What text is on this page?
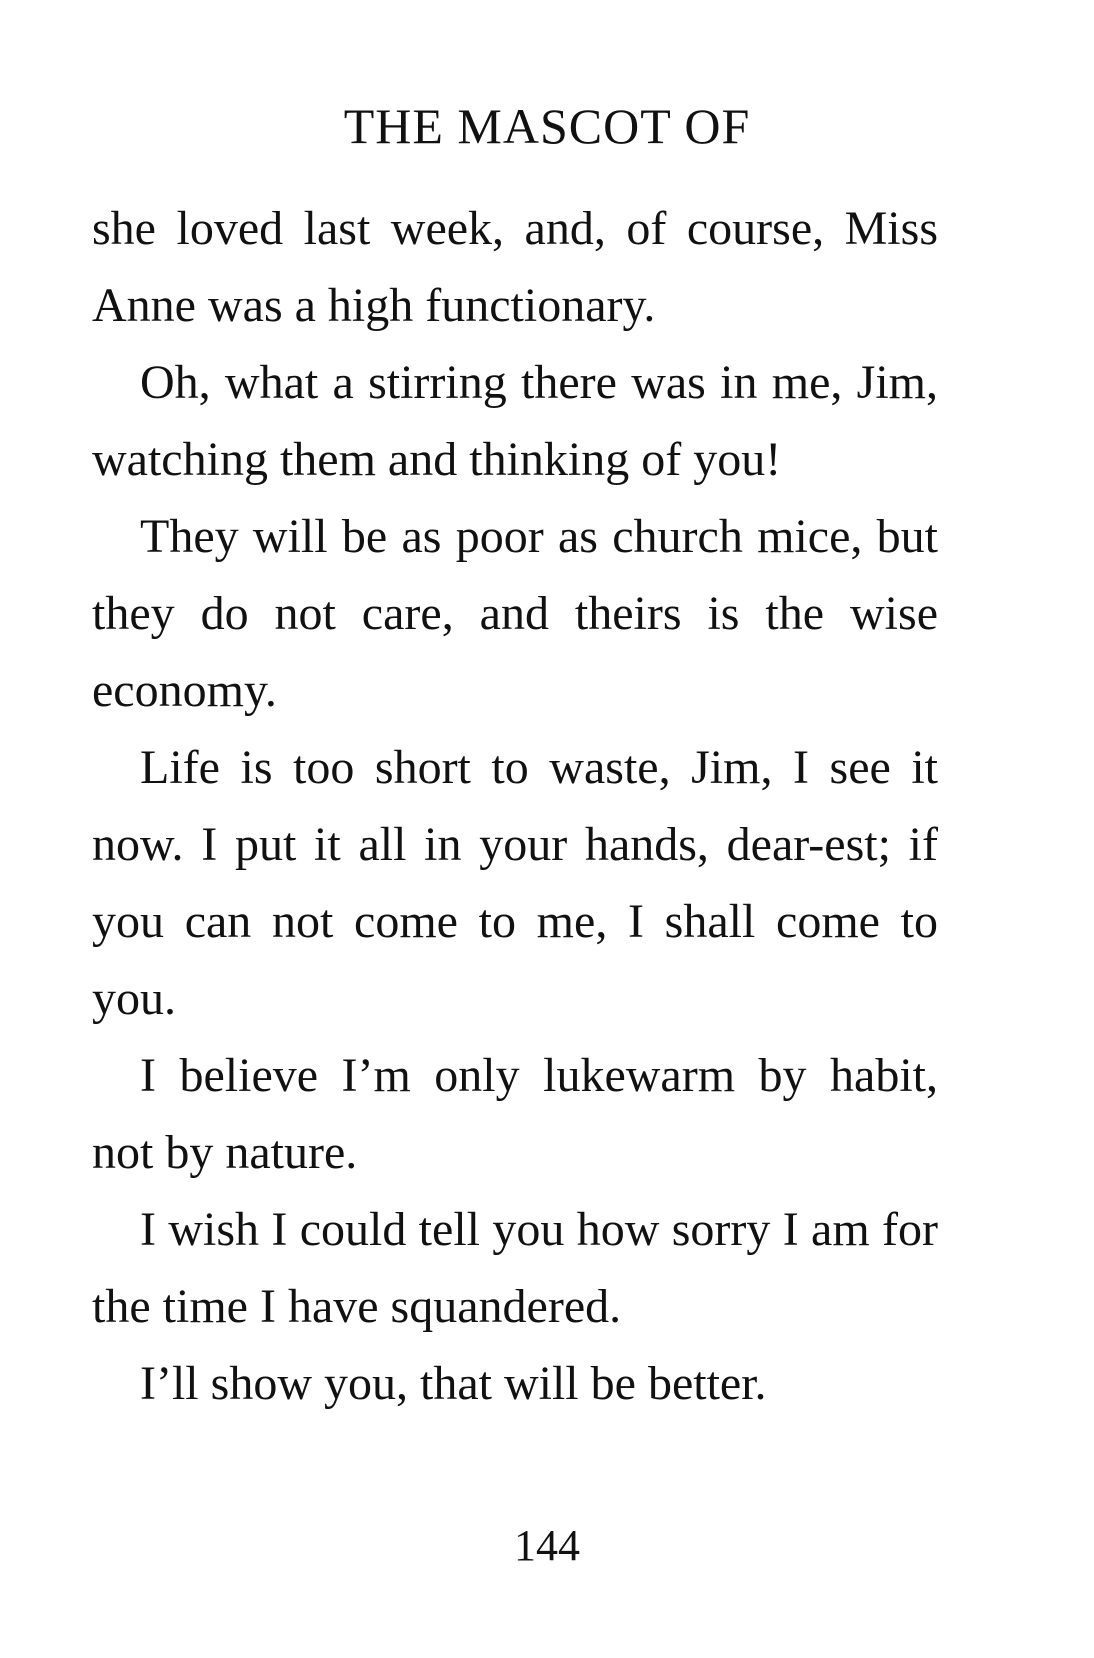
THE MASCOT OF

she loved last week, and, of course, Miss Anne was a high functionary.

Oh, what a stirring there was in me, Jim, watching them and thinking of you!

They will be as poor as church mice, but they do not care, and theirs is the wise economy.

Life is too short to waste, Jim, I see it now. I put it all in your hands, dear-est; if you can not come to me, I shall come to you.

I believe I’m only lukewarm by habit, not by nature.

I wish I could tell you how sorry I am for the time I have squandered.

I’ll show you, that will be better.

144
